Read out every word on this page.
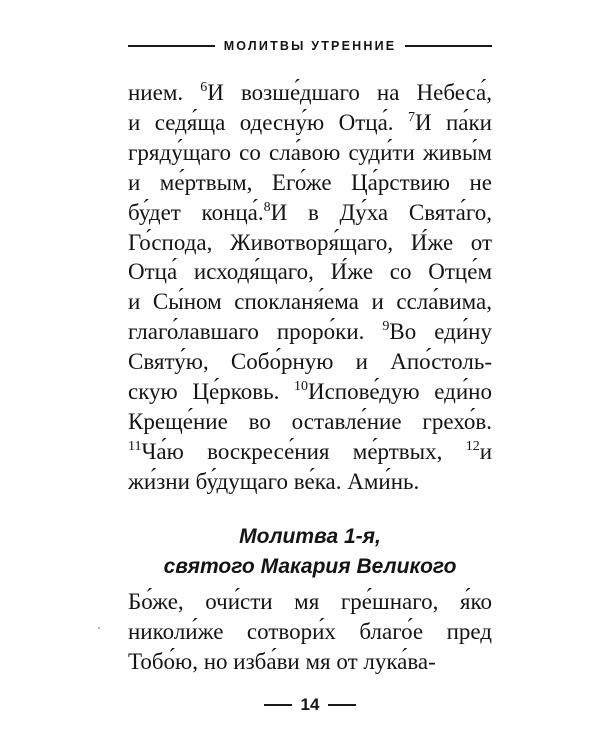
МОЛИТВЫ УТРЕННИЕ
нием. $^6$И возше́дшаго на Небеса́,
и седя́ща одесну́ю Отца́. $^7$И па́ки
гряду́щаго со сла́вою суди́ти живы́м
и ме́ртвым, Его́же Ца́рствию не
бу́дет конца́.$^8$И в Ду́ха Свята́го,
Го́спода, Животворя́щаго, И́же от
Отца́ исходя́щаго, И́же со Отце́м
и Сы́ном спокланя́ема и ссла́вима,
глаго́лавшаго проро́ки. $^9$Во еди́ну
Святу́ю, Собо́рную и Апо́столь-
скую Це́рковь. $^{10}$Испове́дую еди́но
Креще́ние во оставле́ние грехо́в.
$^{11}$Ча́ю воскресе́ния ме́ртвых, $^{12}$и
жи́зни бу́дущаго ве́ка. Ами́нь.
Молитва 1-я,
святого Макария Великого
Бо́же, очи́сти мя гре́шнаго, я́ко
николи́же сотвори́х благо́е пред
Тобо́ю, но изба́ви мя от лука́ва-
14
